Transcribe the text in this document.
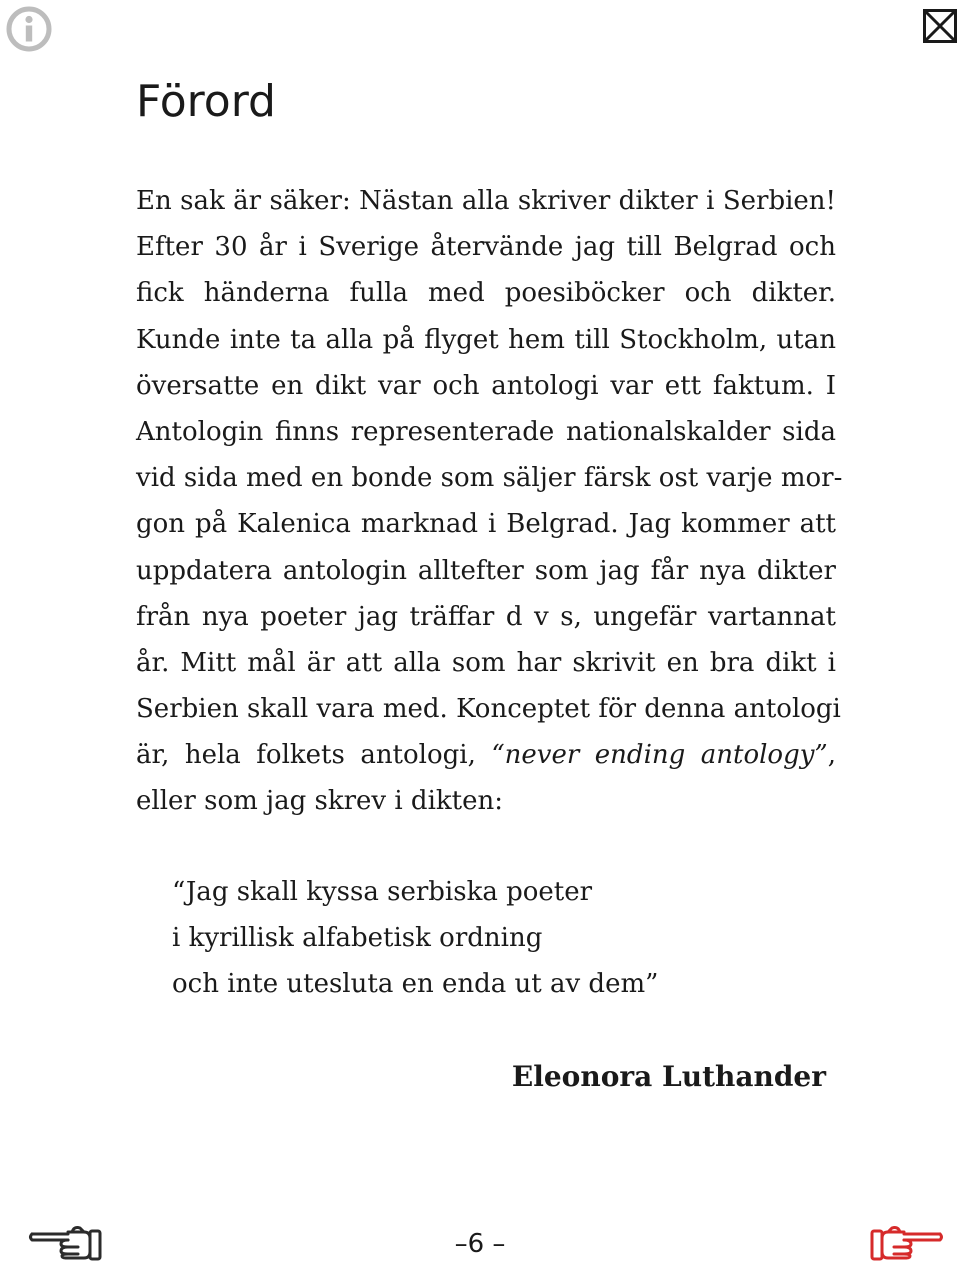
Förord
En sak är säker: Nästan alla skriver dikter i Serbien!
Efter 30 år i Sverige återvände jag till Belgrad och
fick händerna fulla med poesiböcker och dikter.
Kunde inte ta alla på flyget hem till Stockholm, utan
översatte en dikt var och antologi var ett faktum. I
Antologin finns representerade nationalskalder sida
vid sida med en bonde som säljer färsk ost varje mor-
gon på Kalenica marknad i Belgrad. Jag kommer att
uppdatera antologin alltefter som jag får nya dikter
från nya poeter jag träffar d v s, ungefär vartannat
år. Mitt mål är att alla som har skrivit en bra dikt i
Serbien skall vara med. Konceptet för denna antologi
är, hela folkets antologi, “never ending antology”,
eller som jag skrev i dikten:
“Jag skall kyssa serbiska poeter
i kyrillisk alfabetisk ordning
och inte utesluta en enda ut av dem”
Eleonora Luthander
–6 –
